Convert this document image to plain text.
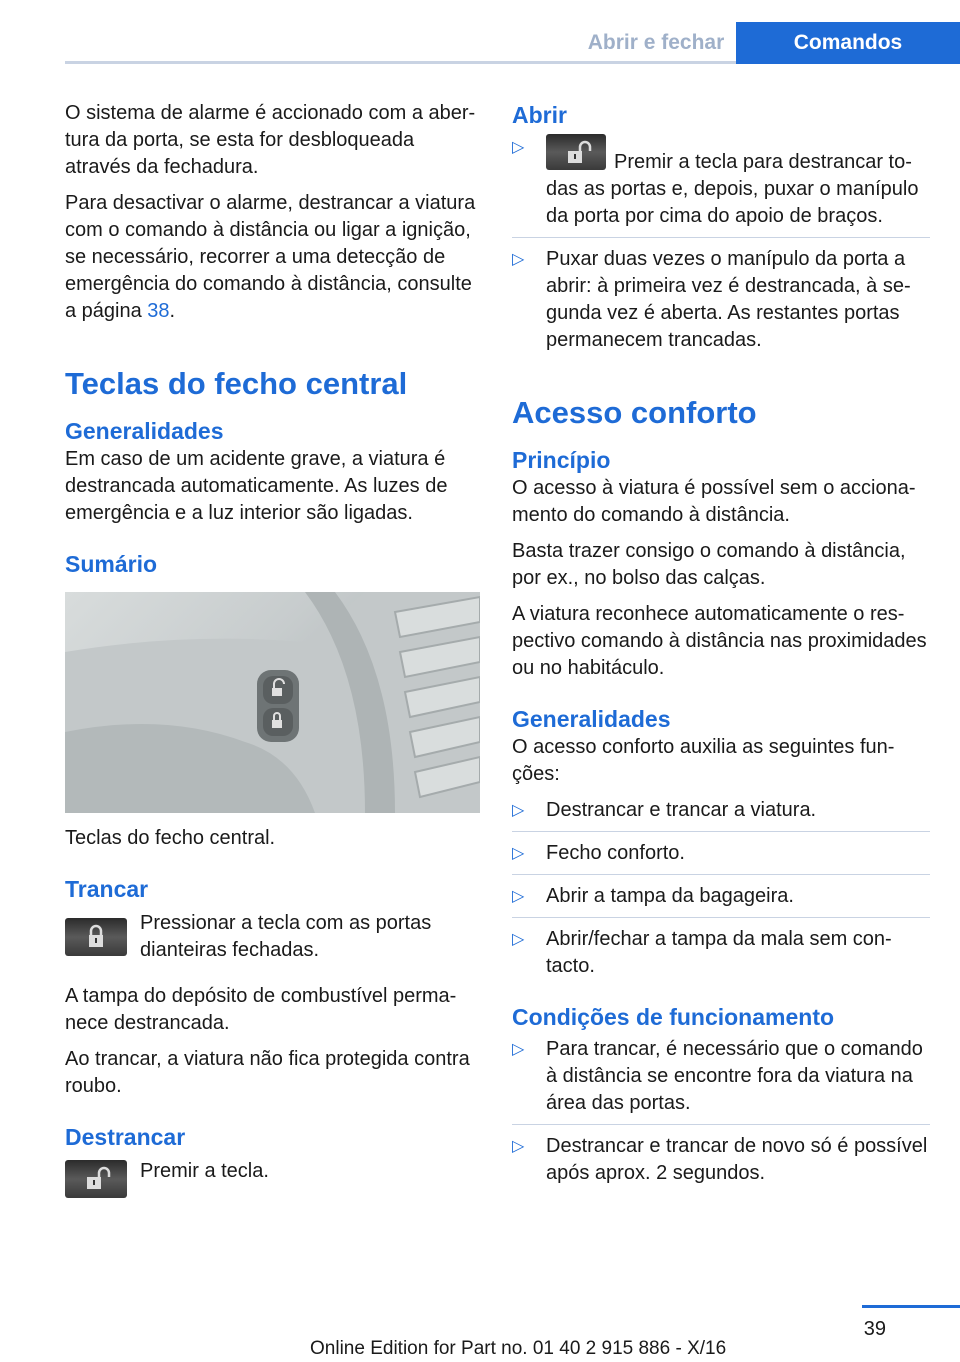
Abrir e fechar	Comandos

O sistema de alarme é accionado com a abertura da porta, se esta for desbloqueada através da fechadura.

Para desactivar o alarme, destrancar a viatura com o comando à distância ou ligar a ignição, se necessário, recorrer a uma detecção de emergência do comando à distância, consulte a página 38.

Teclas do fecho central
Generalidades

Em caso de um acidente grave, a viatura é destrancada automaticamente. As luzes de emergência e a luz interior são ligadas.

Sumário

Teclas do fecho central.

Trancar

Pressionar a tecla com as portas dianteiras fechadas.

A tampa do depósito de combustível permanece destrancada.

Ao trancar, a viatura não fica protegida contra roubo.

Destrancar

Premir a tecla.

Abrir
▷
Premir a tecla para destrancar todas as portas e, depois, puxar o manípulo da porta por cima do apoio de braços.
▷ Puxar duas vezes o manípulo da porta a abrir: à primeira vez é destrancada, à segunda vez é aberta. As restantes portas permanecem trancadas.
Acesso conforto
Princípio

O acesso à viatura é possível sem o accionamento do comando à distância.

Basta trazer consigo o comando à distância, por ex., no bolso das calças.

A viatura reconhece automaticamente o respectivo comando à distância nas proximidades ou no habitáculo.

Generalidades

O acesso conforto auxilia as seguintes funções:

▷ Destrancar e trancar a viatura.
▷ Fecho conforto.
▷ Abrir a tampa da bagageira.
▷ Abrir/fechar a tampa da mala sem contacto.
Condições de funcionamento
▷ Para trancar, é necessário que o comando à distância se encontre fora da viatura na área das portas.
▷ Destrancar e trancar de novo só é possível após aprox. 2 segundos.
39
Online Edition for Part no. 01 40 2 915 886 - X/16
